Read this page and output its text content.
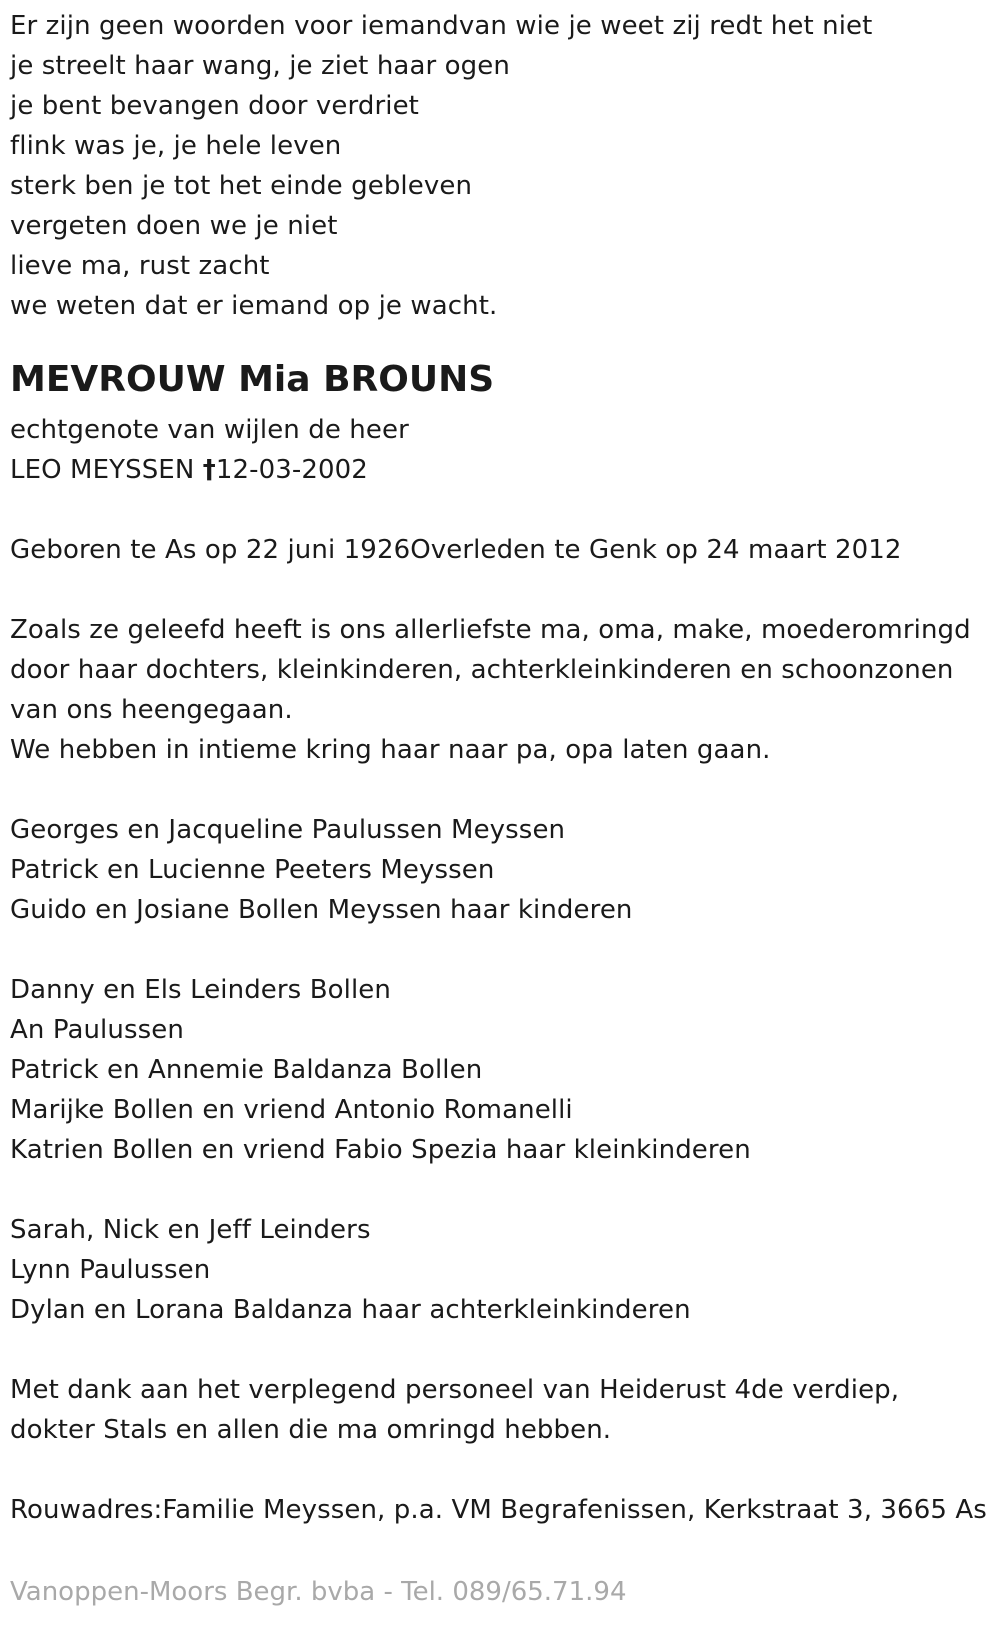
Er zijn geen woorden voor iemandvan wie je weet zij redt het niet
je streelt haar wang, je ziet haar ogen
je bent bevangen door verdriet
flink was je, je hele leven
sterk ben je tot het einde gebleven
vergeten doen we je niet
lieve ma, rust zacht
we weten dat er iemand op je wacht.
MEVROUW Mia BROUNS
echtgenote van wijlen de heer
LEO MEYSSEN †12-03-2002
Geboren te As op 22 juni 1926Overleden te Genk op 24 maart 2012
Zoals ze geleefd heeft is ons allerliefste ma, oma, make, moederomringd
door haar dochters, kleinkinderen, achterkleinkinderen en schoonzonen
van ons heengegaan.
We hebben in intieme kring haar naar pa, opa laten gaan.
Georges en Jacqueline Paulussen Meyssen
Patrick en Lucienne Peeters Meyssen
Guido en Josiane Bollen Meyssen haar kinderen
Danny en Els Leinders Bollen
An Paulussen
Patrick en Annemie Baldanza Bollen
Marijke Bollen en vriend Antonio Romanelli
Katrien Bollen en vriend Fabio Spezia haar kleinkinderen
Sarah, Nick en Jeff Leinders
Lynn Paulussen
Dylan en Lorana Baldanza haar achterkleinkinderen
Met dank aan het verplegend personeel van Heiderust 4de verdiep,
dokter Stals en allen die ma omringd hebben.
Rouwadres:Familie Meyssen, p.a. VM Begrafenissen, Kerkstraat 3, 3665 As
Vanoppen-Moors Begr. bvba - Tel. 089/65.71.94
